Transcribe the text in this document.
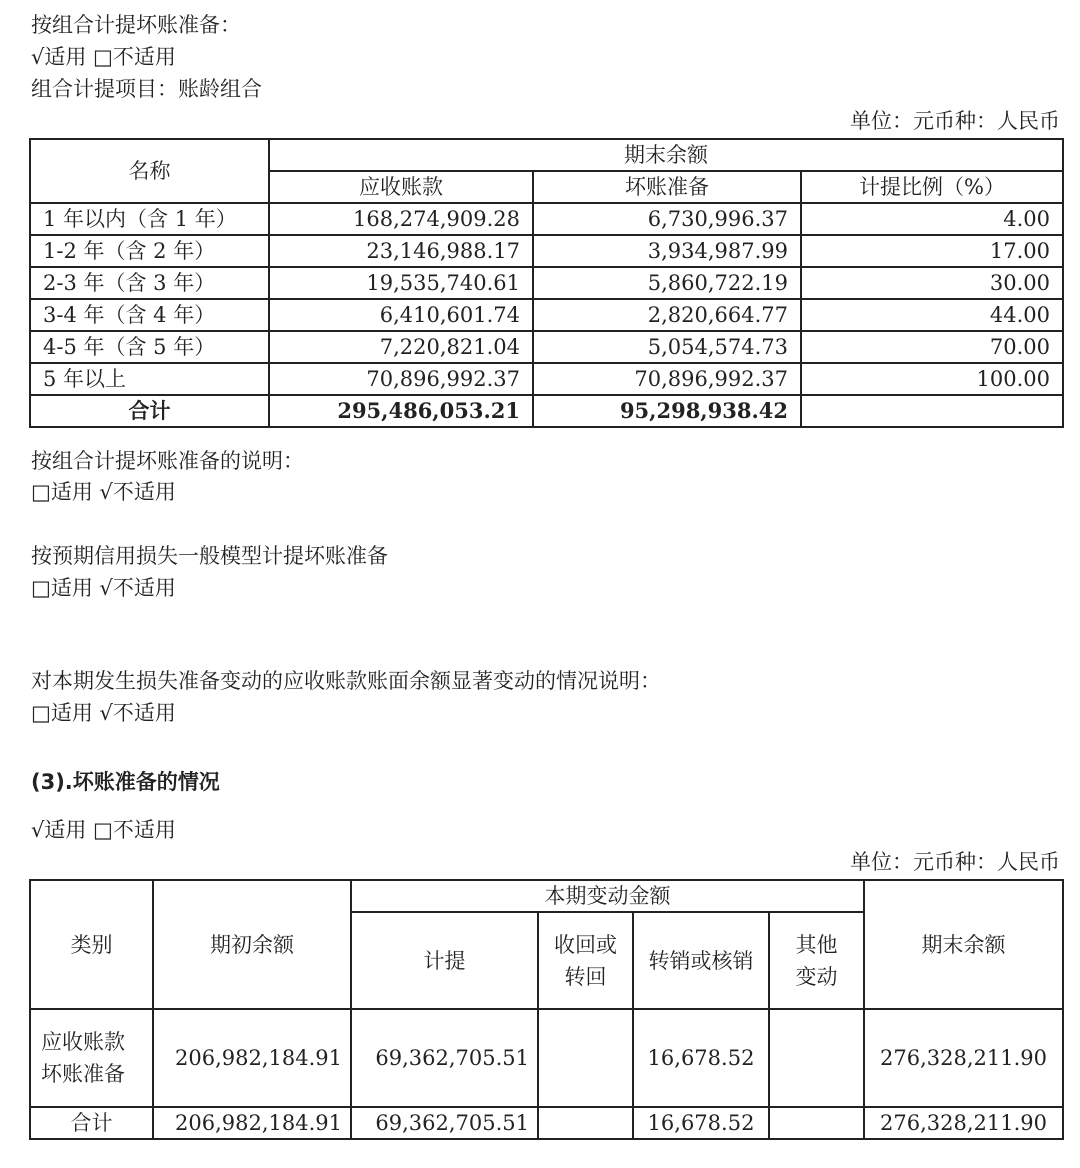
按组合计提坏账准备：
√适用 □不适用
组合计提项目：账龄组合
单位：元币种：人民币
名称	期末余额		
	应收账款	坏账准备	计提比例（%）
1 年以内（含 1 年）	168,274,909.28	6,730,996.37	4.00
1-2 年（含 2 年）	23,146,988.17	3,934,987.99	17.00
2-3 年（含 3 年）	19,535,740.61	5,860,722.19	30.00
3-4 年（含 4 年）	6,410,601.74	2,820,664.77	44.00
4-5 年（含 5 年）	7,220,821.04	5,054,574.73	70.00
5 年以上	70,896,992.37	70,896,992.37	100.00
合计	295,486,053.21	95,298,938.42	
按组合计提坏账准备的说明：
□适用 √不适用
按预期信用损失一般模型计提坏账准备
□适用 √不适用
对本期发生损失准备变动的应收账款账面余额显著变动的情况说明：
□适用 √不适用
(3).坏账准备的情况
√适用 □不适用
单位：元币种：人民币
类别	期初余额	本期变动金额				期末余额
		计提	收回或转回	转销或核销	其他变动	
应收账款坏账准备	206,982,184.91	69,362,705.51		16,678.52		276,328,211.90
合计	206,982,184.91	69,362,705.51		16,678.52		276,328,211.90
